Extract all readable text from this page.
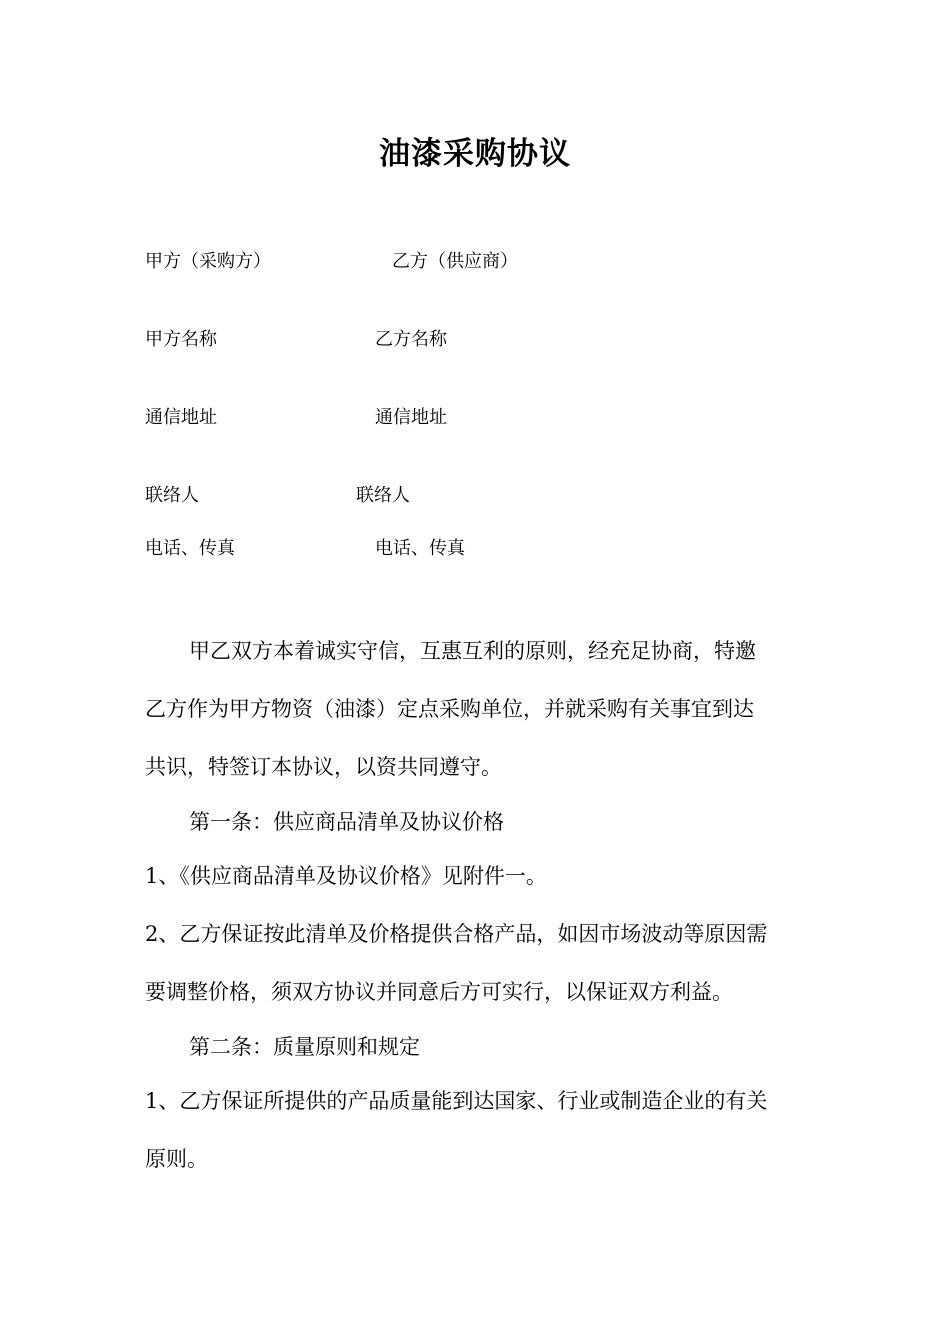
油漆采购协议
甲方（采购方）	乙方（供应商）
甲方名称	乙方名称
通信地址	通信地址
联络人	联络人
电话、传真	电话、传真
甲乙双方本着诚实守信，互惠互利的原则，经充足协商，特邀
乙方作为甲方物资（油漆）定点采购单位，并就采购有关事宜到达
共识，特签订本协议，以资共同遵守。
第一条：供应商品清单及协议价格
1、《供应商品清单及协议价格》见附件一。
2、乙方保证按此清单及价格提供合格产品，如因市场波动等原因需
要调整价格，须双方协议并同意后方可实行，以保证双方利益。
第二条：质量原则和规定
1、乙方保证所提供的产品质量能到达国家、行业或制造企业的有关
原则。
